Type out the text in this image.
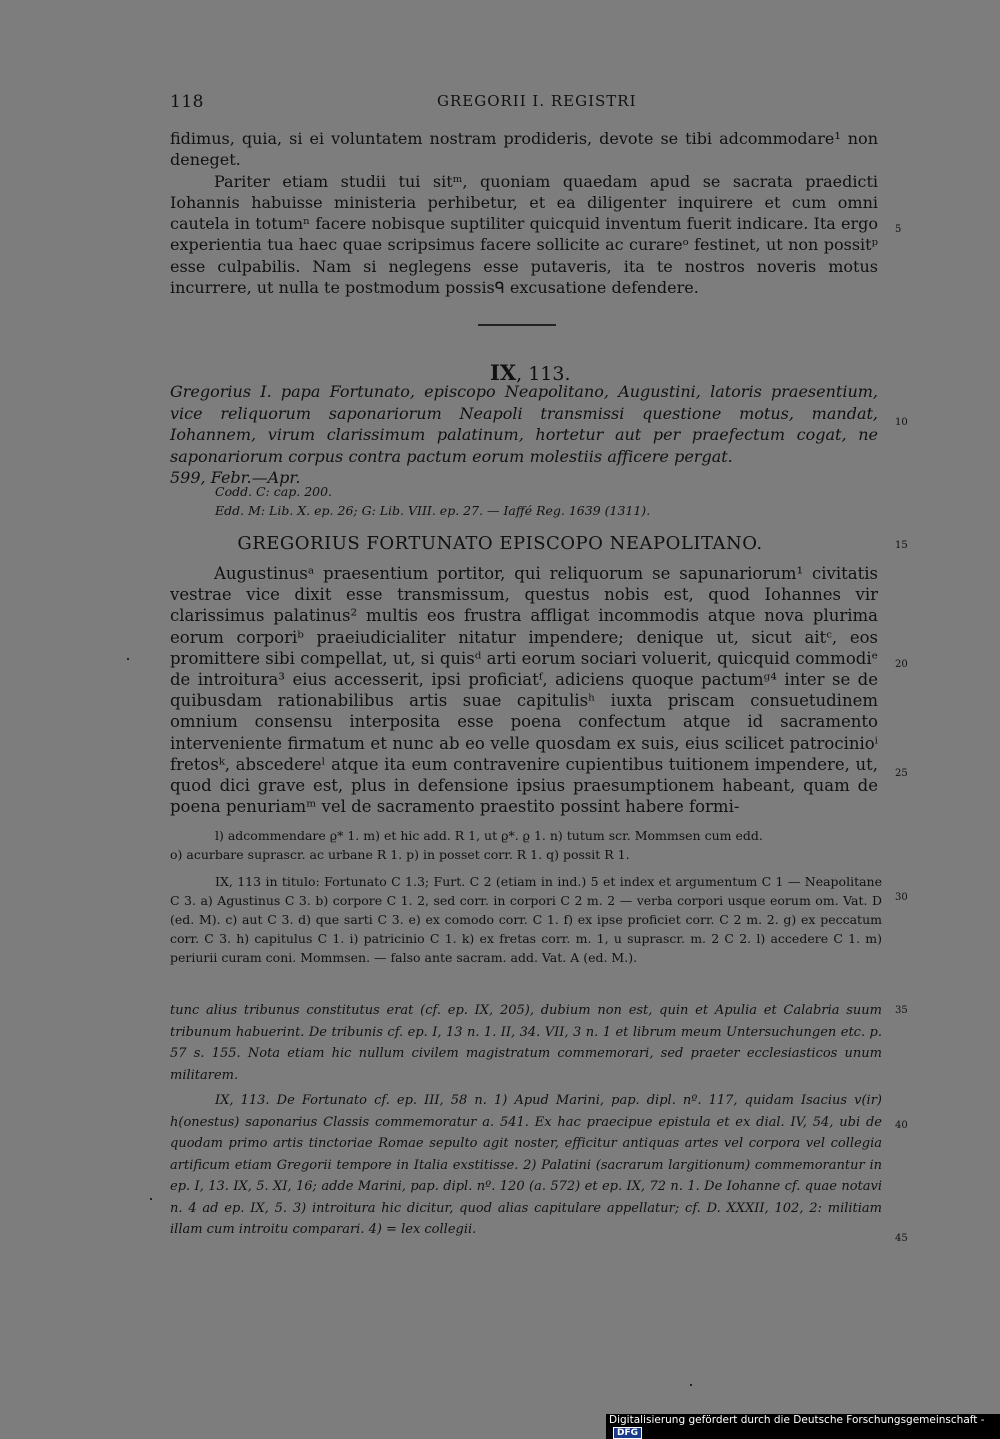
118	GREGORII I. REGISTRI

fidimus, quia, si ei voluntatem nostram prodideris, devote se tibi adcommodare¹ non deneget.

Pariter etiam studii tui sitᵐ, quoniam quaedam apud se sacrata praedicti Iohannis habuisse ministeria perhibetur, et ea diligenter inquirere et cum omni cautela in totumⁿ facere nobisque suptiliter quicquid inventum fuerit indicare. Ita ergo experientia tua haec quae scripsimus facere sollicite ac curareᵒ festinet, ut non possitᵖ esse culpabilis. Nam si neglegens esse putaveris, ita te nostros noveris motus incurrere, ut nulla te postmodum possisᑫ excusatione defendere.

5
IX, 113.
Gregorius I. papa Fortunato, episcopo Neapolitano, Augustini, latoris praesentium, vice reliquorum saponariorum Neapoli transmissi questione motus, mandat, Iohannem, virum clarissimum palatinum, hortetur aut per praefectum cogat, ne saponariorum corpus contra pactum eorum molestiis afficere pergat.  599, Febr.—Apr.
10
Codd. C: cap. 200.
Edd. M: Lib. X. ep. 26; G: Lib. VIII. ep. 27. — Iaffé Reg. 1639 (1311).
GREGORIUS FORTUNATO EPISCOPO NEAPOLITANO.	15

Augustinusᵃ praesentium portitor, qui reliquorum se sapunariorum¹ civitatis vestrae vice dixit esse transmissum, questus nobis est, quod Iohannes vir clarissimus palatinus² multis eos frustra affligat incommodis atque nova plurima eorum corporiᵇ praeiudicialiter nitatur impendere; denique ut, sicut aitᶜ, eos promittere sibi compellat, ut, si quisᵈ arti eorum sociari voluerit, quicquid commodiᵉ de introitura³ eius accesserit, ipsi proficiatᶠ, adiciens quoque pactumᵍ⁴ inter se de quibusdam rationabilibus artis suae capitulisʰ iuxta priscam consuetudinem omnium consensu interposita esse poena confectum atque id sacramento interveniente firmatum et nunc ab eo velle quosdam ex suis, eius scilicet patrocinioⁱ fretosᵏ, abscedereˡ atque ita eum contravenire cupientibus tuitionem impendere, ut, quod dici grave est, plus in defensione ipsius praesumptionem habeant, quam de poena penuriamᵐ vel de sacramento praestito possint habere formi-

20
25

l) adcommendare ϱ* 1. m) et hic add. R 1, ut ϱ*. ϱ 1. n) tutum scr. Mommsen cum edd.

o) acurbare suprascr. ac urbane R 1. p) in posset corr. R 1. q) possit R 1.

IX, 113 in titulo: Fortunato C 1.3; Furt. C 2 (etiam in ind.) 5 et index et argumentum C 1 — Neapolitane C 3. a) Agustinus C 3. b) corpore C 1. 2, sed corr. in corpori C 2 m. 2 — verba corpori usque eorum om. Vat. D (ed. M). c) aut C 3. d) que sarti C 3. e) ex comodo corr. C 1. f) ex ipse proficiet corr. C 2 m. 2. g) ex peccatum corr. C 3. h) capitulus C 1. i) patricinio C 1. k) ex fretas corr. m. 1, u suprascr. m. 2 C 2. l) accedere C 1. m) periurii curam coni. Mommsen. — falso ante sacram. add. Vat. A (ed. M.).

30

tunc alius tribunus constitutus erat (cf. ep. IX, 205), dubium non est, quin et Apulia et Calabria suum tribunum habuerint. De tribunis cf. ep. I, 13 n. 1. II, 34. VII, 3 n. 1 et librum meum Untersuchungen etc. p. 57 s. 155. Nota etiam hic nullum civilem magistratum commemorari, sed praeter ecclesiasticos unum militarem.

IX, 113. De Fortunato cf. ep. III, 58 n. 1) Apud Marini, pap. dipl. nº. 117, quidam Isacius v(ir) h(onestus) saponarius Classis commemoratur a. 541. Ex hac praecipue epistula et ex dial. IV, 54, ubi de quodam primo artis tinctoriae Romae sepulto agit noster, efficitur antiquas artes vel corpora vel collegia artificum etiam Gregorii tempore in Italia exstitisse. 2) Palatini (sacrarum largitionum) commemorantur in ep. I, 13. IX, 5. XI, 16; adde Marini, pap. dipl. nº. 120 (a. 572) et ep. IX, 72 n. 1. De Iohanne cf. quae notavi n. 4 ad ep. IX, 5. 3) introitura hic dicitur, quod alias capitulare appellatur; cf. D. XXXII, 102, 2: militiam illam cum introitu comparari. 4) = lex collegii.

35
40
45
Digitalisierung gefördert durch die Deutsche Forschungsgemeinschaft -DFG
